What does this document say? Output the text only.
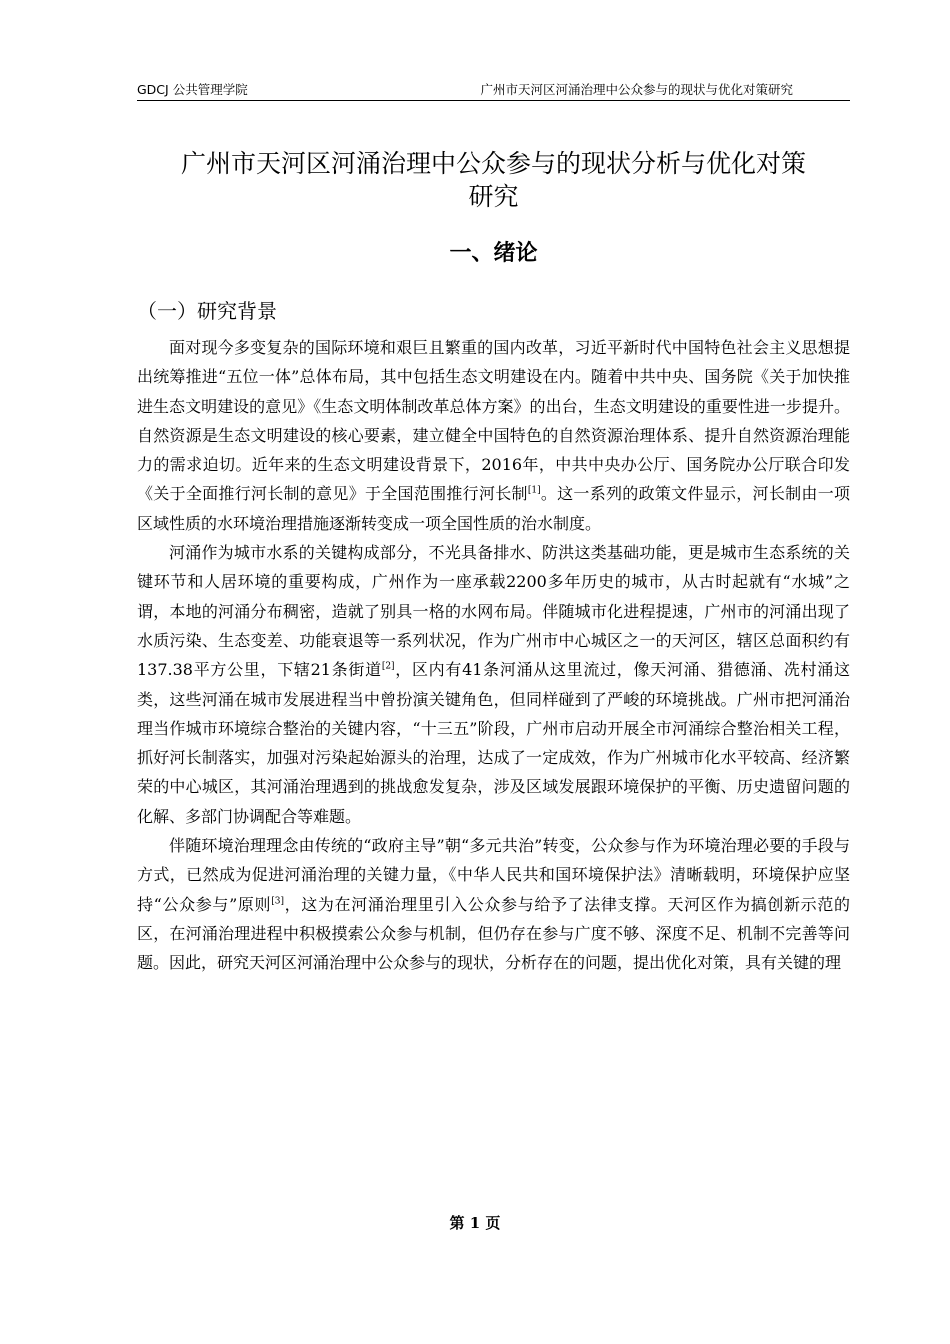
GDCJ 公共管理学院	广州市天河区河涌治理中公众参与的现状与优化对策研究
广州市天河区河涌治理中公众参与的现状分析与优化对策研究
一、绪论
（一）研究背景

面对现今多变复杂的国际环境和艰巨且繁重的国内改革，习近平新时代中国特色社会主义思想提出统筹推进“五位一体”总体布局，其中包括生态文明建设在内。随着中共中央、国务院《关于加快推进生态文明建设的意见》《生态文明体制改革总体方案》的出台，生态文明建设的重要性进一步提升。自然资源是生态文明建设的核心要素，建立健全中国特色的自然资源治理体系、提升自然资源治理能力的需求迫切。近年来的生态文明建设背景下，2016年，中共中央办公厅、国务院办公厅联合印发《关于全面推行河长制的意见》于全国范围推行河长制[1]。这一系列的政策文件显示，河长制由一项区域性质的水环境治理措施逐渐转变成一项全国性质的治水制度。

河涌作为城市水系的关键构成部分，不光具备排水、防洪这类基础功能，更是城市生态系统的关键环节和人居环境的重要构成，广州作为一座承载2200多年历史的城市，从古时起就有“水城”之谓，本地的河涌分布稠密，造就了别具一格的水网布局。伴随城市化进程提速，广州市的河涌出现了水质污染、生态变差、功能衰退等一系列状况，作为广州市中心城区之一的天河区，辖区总面积约有137.38平方公里，下辖21条街道[2]，区内有41条河涌从这里流过，像天河涌、猎德涌、冼村涌这类，这些河涌在城市发展进程当中曾扮演关键角色，但同样碰到了严峻的环境挑战。广州市把河涌治理当作城市环境综合整治的关键内容，“十三五”阶段，广州市启动开展全市河涌综合整治相关工程，抓好河长制落实，加强对污染起始源头的治理，达成了一定成效，作为广州城市化水平较高、经济繁荣的中心城区，其河涌治理遇到的挑战愈发复杂，涉及区域发展跟环境保护的平衡、历史遗留问题的化解、多部门协调配合等难题。

伴随环境治理理念由传统的“政府主导”朝“多元共治”转变，公众参与作为环境治理必要的手段与方式，已然成为促进河涌治理的关键力量，《中华人民共和国环境保护法》清晰载明，环境保护应坚持“公众参与”原则[3]，这为在河涌治理里引入公众参与给予了法律支撑。天河区作为搞创新示范的区，在河涌治理进程中积极摸索公众参与机制，但仍存在参与广度不够、深度不足、机制不完善等问题。因此，研究天河区河涌治理中公众参与的现状，分析存在的问题，提出优化对策，具有关键的理

第 1 页
